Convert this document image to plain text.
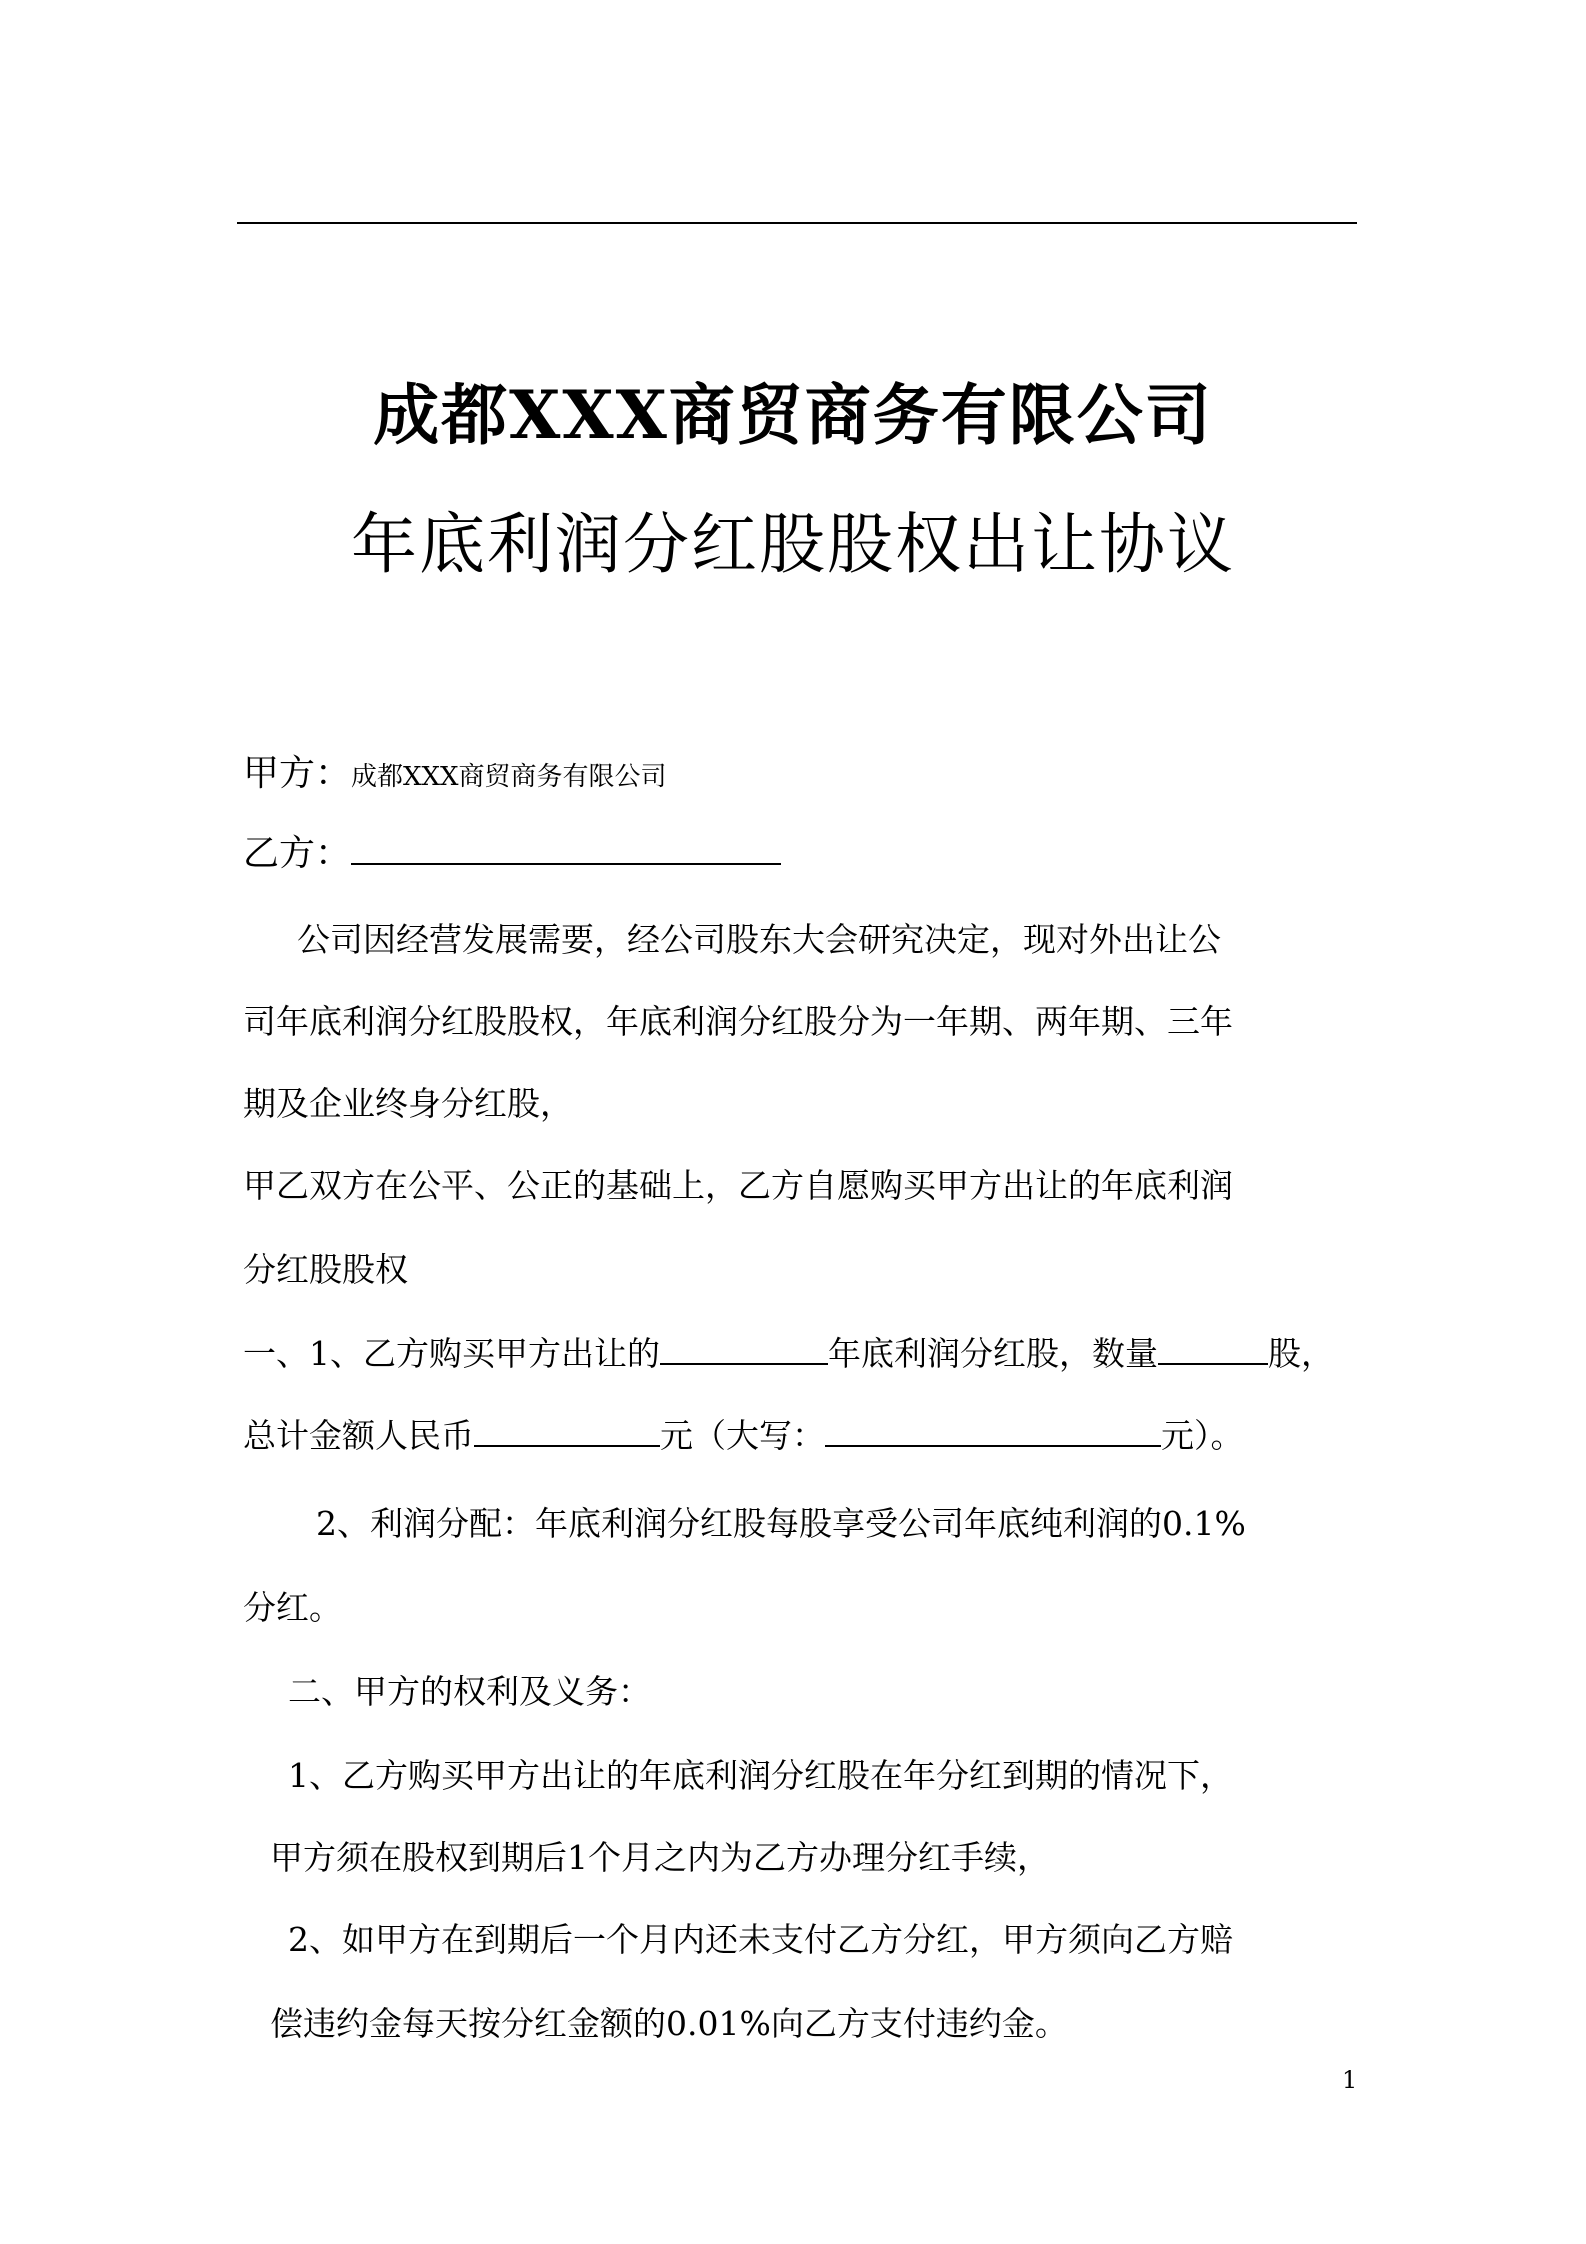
成都XXX商贸商务有限公司
年底利润分红股股权出让协议
甲方：成都XXX商贸商务有限公司
乙方：
公司因经营发展需要，经公司股东大会研究决定，现对外出让公
司年底利润分红股股权，年底利润分红股分为一年期、两年期、三年
期及企业终身分红股，
甲乙双方在公平、公正的基础上，乙方自愿购买甲方出让的年底利润
分红股股权
一、1、乙方购买甲方出让的	年底利润分红股，数量	股，
总计金额人民币	元（大写：	元）。
2、利润分配：年底利润分红股每股享受公司年底纯利润的0.1%
分红。
二、甲方的权利及义务：
1、乙方购买甲方出让的年底利润分红股在年分红到期的情况下，
甲方须在股权到期后1个月之内为乙方办理分红手续，
2、如甲方在到期后一个月内还未支付乙方分红，甲方须向乙方赔
偿违约金每天按分红金额的0.01%向乙方支付违约金。
1
